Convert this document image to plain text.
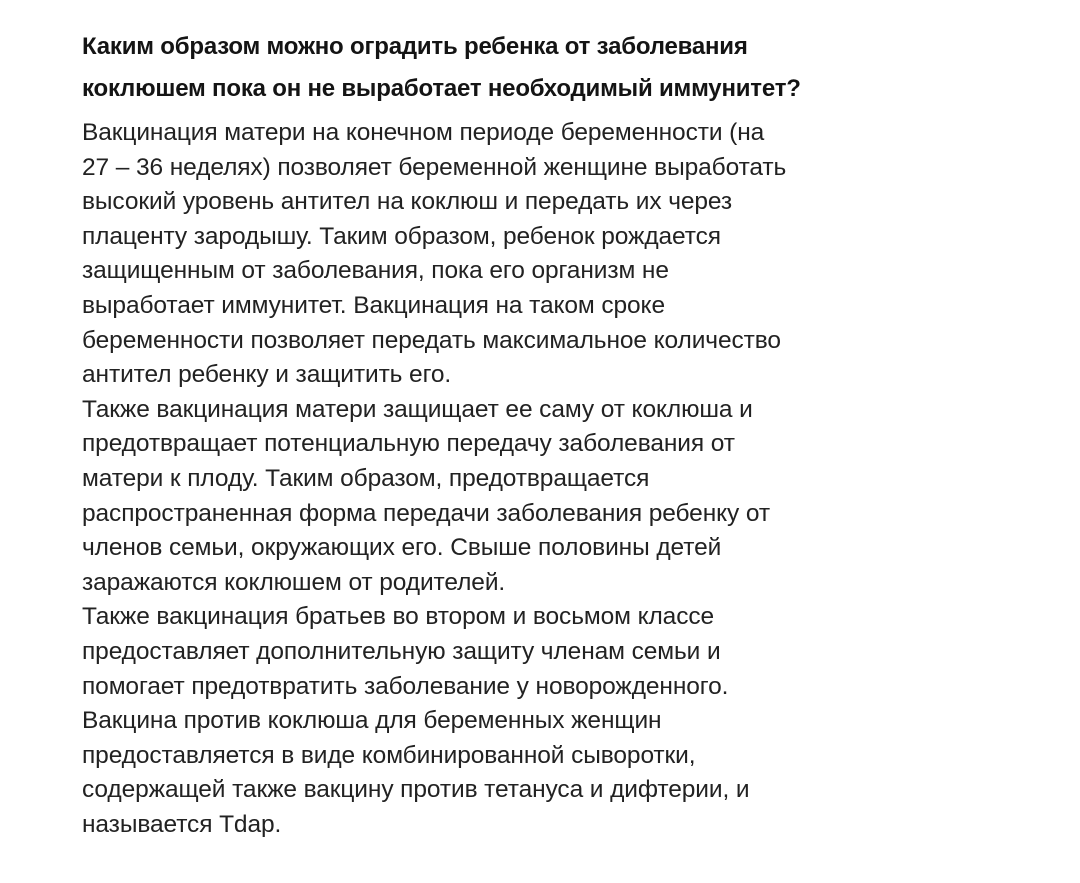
Каким образом можно оградить ребенка от заболевания
коклюшем пока он не выработает необходимый иммунитет?
Вакцинация матери на конечном периоде беременности (на
27 – 36 неделях) позволяет беременной женщине выработать
высокий уровень антител на коклюш и передать их через
плаценту зародышу. Таким образом, ребенок рождается
защищенным от заболевания, пока его организм не
выработает иммунитет. Вакцинация на таком сроке
беременности позволяет передать максимальное количество
антител ребенку и защитить его.
Также вакцинация матери защищает ее саму от коклюша и
предотвращает потенциальную передачу заболевания от
матери к плоду. Таким образом, предотвращается
распространенная форма передачи заболевания ребенку от
членов семьи, окружающих его. Свыше половины детей
заражаются коклюшем от родителей.
Также вакцинация братьев во втором и восьмом классе
предоставляет дополнительную защиту членам семьи и
помогает предотвратить заболевание у новорожденного.
Вакцина против коклюша для беременных женщин
предоставляется в виде комбинированной сыворотки,
содержащей также вакцину против тетануса и дифтерии, и
называется Tdap.
